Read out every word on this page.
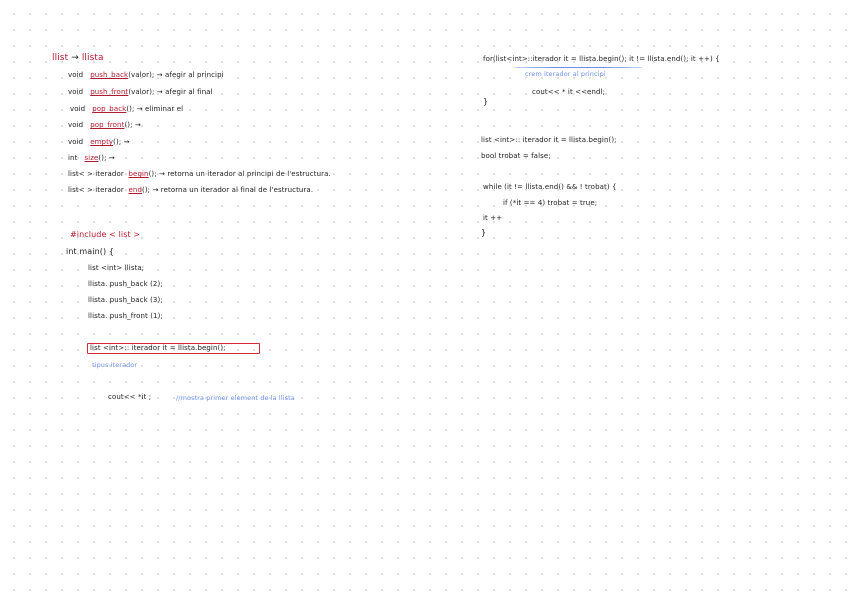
llist → llista
void push_back(valor); → afegir al principi
void push_front(valor); → afegir al final
void pop_back(); → eliminar el
void pop_front(); →
void empty(); →
int size(); →
list< > iterador begin(); → retorna un iterador al principi de l'estructura.
list< > iterador end(); → retorna un iterador al final de l'estructura.
#include < list >
int main() {
list <int> llista;
llista. push_back (2);
llista. push_back (3);
llista. push_front (1);
list <int>:: iterador it = llista.begin();
tipus iterador
cout<< *it ;	//mostra primer element de la llista
for(list<int>::iterador it = llista.begin(); it != llista.end(); it ++) {
crem iterador al principi
cout<< * it <<endl;
}
list <int>:: iterador it = llista.begin();
bool trobat = false;
while (it != llista.end() && ! trobat) {
if (*it == 4) trobat = true;
it ++
}
